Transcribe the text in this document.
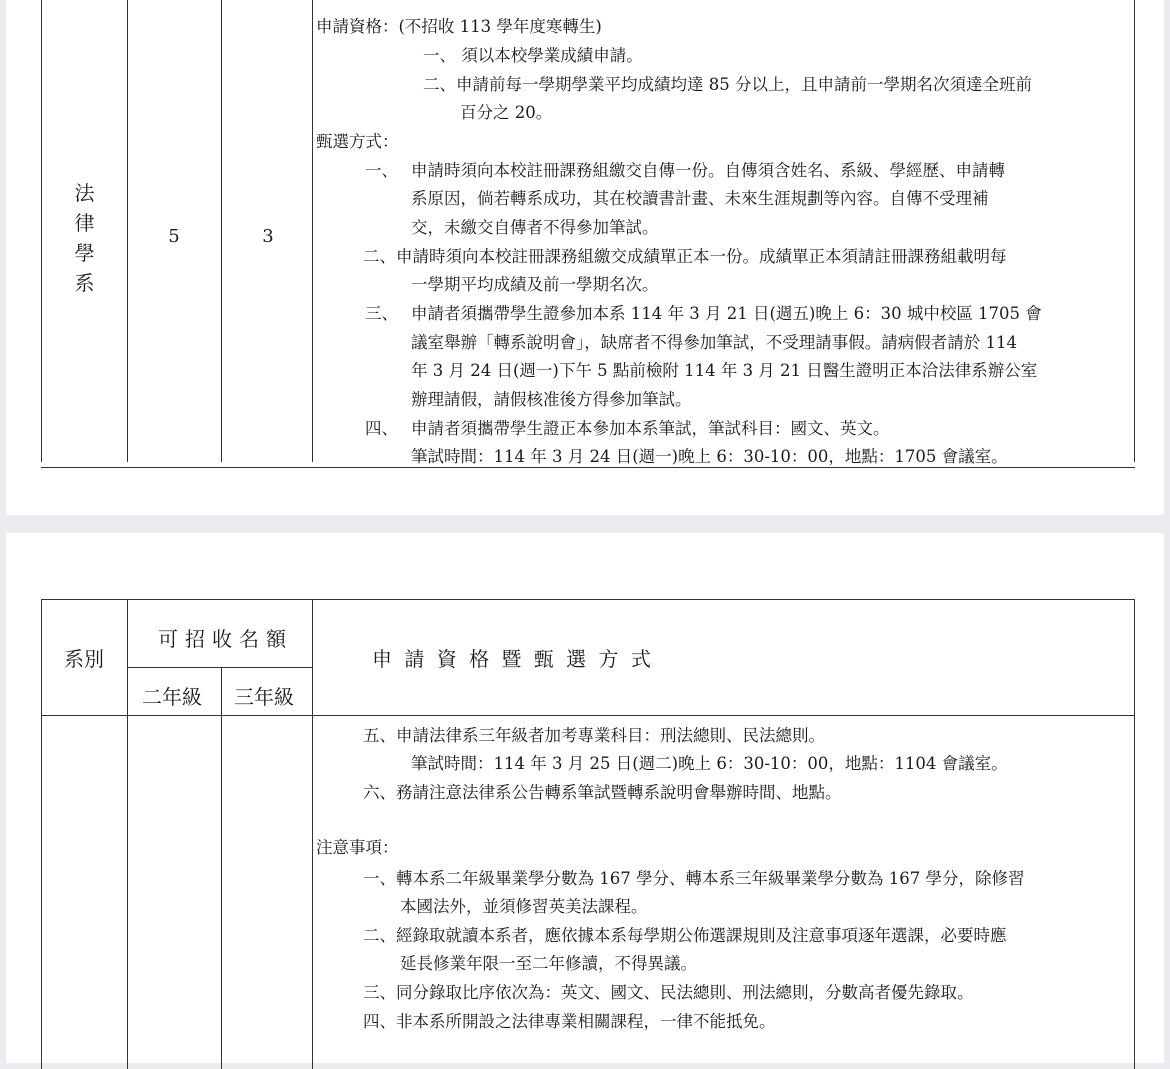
法
律
學
系
5	3
申請資格：(不招收 113 學年度寒轉生)
一、 須以本校學業成績申請。
二、申請前每一學期學業平均成績均達 85 分以上，且申請前一學期名次須達全班前
百分之 20。
甄選方式：
一、 申請時須向本校註冊課務組繳交自傳一份。自傳須含姓名、系級、學經歷、申請轉
系原因，倘若轉系成功，其在校讀書計畫、未來生涯規劃等內容。自傳不受理補
交，未繳交自傳者不得參加筆試。
二、申請時須向本校註冊課務組繳交成績單正本一份。成績單正本須請註冊課務組載明每
一學期平均成績及前一學期名次。
三、 申請者須攜帶學生證參加本系 114 年 3 月 21 日(週五)晚上 6：30 城中校區 1705 會
議室舉辦「轉系說明會」，缺席者不得參加筆試，不受理請事假。請病假者請於 114
年 3 月 24 日(週一)下午 5 點前檢附 114 年 3 月 21 日醫生證明正本洽法律系辦公室
辦理請假，請假核准後方得參加筆試。
四、 申請者須攜帶學生證正本參加本系筆試，筆試科目：國文、英文。
筆試時間：114 年 3 月 24 日(週一)晚上 6：30-10：00，地點：1705 會議室。
系別
可招收名額
二年級 三年級
申 請 資 格 暨 甄 選 方 式
五、申請法律系三年級者加考專業科目：刑法總則、民法總則。
筆試時間：114 年 3 月 25 日(週二)晚上 6：30-10：00，地點：1104 會議室。
六、務請注意法律系公告轉系筆試暨轉系說明會舉辦時間、地點。
注意事項：
一、轉本系二年級畢業學分數為 167 學分、轉本系三年級畢業學分數為 167 學分，除修習
本國法外，並須修習英美法課程。
二、經錄取就讀本系者，應依據本系每學期公佈選課規則及注意事項逐年選課，必要時應
延長修業年限一至二年修讀，不得異議。
三、同分錄取比序依次為：英文、國文、民法總則、刑法總則，分數高者優先錄取。
四、非本系所開設之法律專業相關課程，一律不能抵免。
